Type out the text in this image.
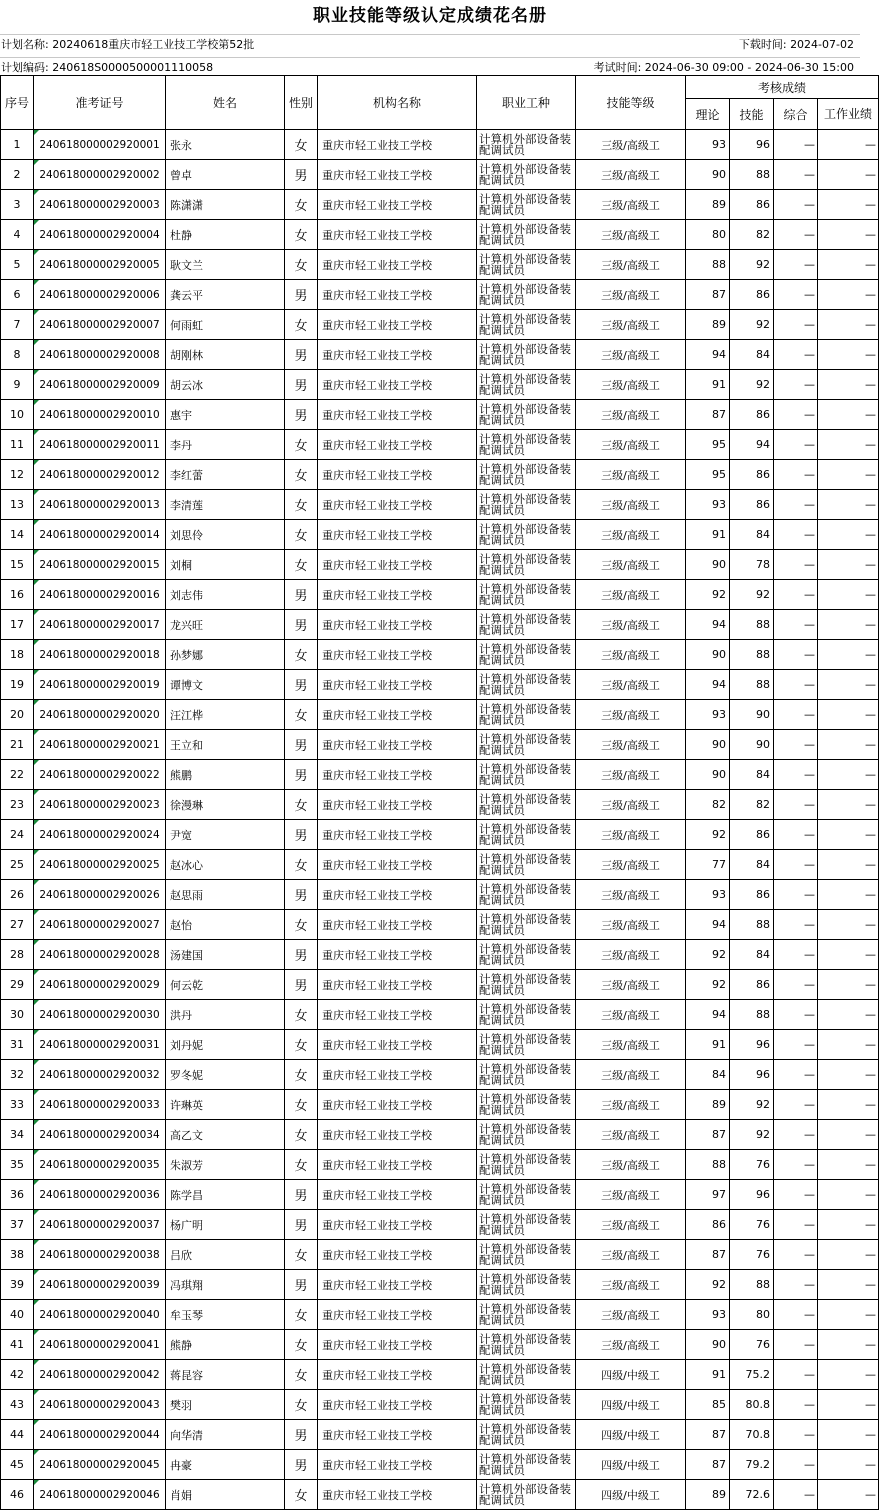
职业技能等级认定成绩花名册
计划名称: 20240618重庆市轻工业技工学校第52批	下载时间: 2024-07-02
计划编码: 240618S0000500001110058	考试时间: 2024-06-30 09:00 - 2024-06-30 15:00
序号	准考证号	姓名	性别	机构名称	职业工种	技能等级	考核成绩			
							理论	技能	综合	工作业绩
1	240618000002920001	张永	女	重庆市轻工业技工学校	计算机外部设备装配调试员	三级/高级工	93	96	—	—
2	240618000002920002	曾卓	男	重庆市轻工业技工学校	计算机外部设备装配调试员	三级/高级工	90	88	—	—
3	240618000002920003	陈潇潇	女	重庆市轻工业技工学校	计算机外部设备装配调试员	三级/高级工	89	86	—	—
4	240618000002920004	杜静	女	重庆市轻工业技工学校	计算机外部设备装配调试员	三级/高级工	80	82	—	—
5	240618000002920005	耿文兰	女	重庆市轻工业技工学校	计算机外部设备装配调试员	三级/高级工	88	92	—	—
6	240618000002920006	龚云平	男	重庆市轻工业技工学校	计算机外部设备装配调试员	三级/高级工	87	86	—	—
7	240618000002920007	何雨虹	女	重庆市轻工业技工学校	计算机外部设备装配调试员	三级/高级工	89	92	—	—
8	240618000002920008	胡刚林	男	重庆市轻工业技工学校	计算机外部设备装配调试员	三级/高级工	94	84	—	—
9	240618000002920009	胡云冰	男	重庆市轻工业技工学校	计算机外部设备装配调试员	三级/高级工	91	92	—	—
10	240618000002920010	惠宇	男	重庆市轻工业技工学校	计算机外部设备装配调试员	三级/高级工	87	86	—	—
11	240618000002920011	李丹	女	重庆市轻工业技工学校	计算机外部设备装配调试员	三级/高级工	95	94	—	—
12	240618000002920012	李红蕾	女	重庆市轻工业技工学校	计算机外部设备装配调试员	三级/高级工	95	86	—	—
13	240618000002920013	李清莲	女	重庆市轻工业技工学校	计算机外部设备装配调试员	三级/高级工	93	86	—	—
14	240618000002920014	刘思伶	女	重庆市轻工业技工学校	计算机外部设备装配调试员	三级/高级工	91	84	—	—
15	240618000002920015	刘桐	女	重庆市轻工业技工学校	计算机外部设备装配调试员	三级/高级工	90	78	—	—
16	240618000002920016	刘志伟	男	重庆市轻工业技工学校	计算机外部设备装配调试员	三级/高级工	92	92	—	—
17	240618000002920017	龙兴旺	男	重庆市轻工业技工学校	计算机外部设备装配调试员	三级/高级工	94	88	—	—
18	240618000002920018	孙梦娜	女	重庆市轻工业技工学校	计算机外部设备装配调试员	三级/高级工	90	88	—	—
19	240618000002920019	谭博文	男	重庆市轻工业技工学校	计算机外部设备装配调试员	三级/高级工	94	88	—	—
20	240618000002920020	汪江桦	女	重庆市轻工业技工学校	计算机外部设备装配调试员	三级/高级工	93	90	—	—
21	240618000002920021	王立和	男	重庆市轻工业技工学校	计算机外部设备装配调试员	三级/高级工	90	90	—	—
22	240618000002920022	熊鹏	男	重庆市轻工业技工学校	计算机外部设备装配调试员	三级/高级工	90	84	—	—
23	240618000002920023	徐漫琳	女	重庆市轻工业技工学校	计算机外部设备装配调试员	三级/高级工	82	82	—	—
24	240618000002920024	尹宽	男	重庆市轻工业技工学校	计算机外部设备装配调试员	三级/高级工	92	86	—	—
25	240618000002920025	赵冰心	女	重庆市轻工业技工学校	计算机外部设备装配调试员	三级/高级工	77	84	—	—
26	240618000002920026	赵思雨	男	重庆市轻工业技工学校	计算机外部设备装配调试员	三级/高级工	93	86	—	—
27	240618000002920027	赵怡	女	重庆市轻工业技工学校	计算机外部设备装配调试员	三级/高级工	94	88	—	—
28	240618000002920028	汤建国	男	重庆市轻工业技工学校	计算机外部设备装配调试员	三级/高级工	92	84	—	—
29	240618000002920029	何云乾	男	重庆市轻工业技工学校	计算机外部设备装配调试员	三级/高级工	92	86	—	—
30	240618000002920030	洪丹	女	重庆市轻工业技工学校	计算机外部设备装配调试员	三级/高级工	94	88	—	—
31	240618000002920031	刘丹妮	女	重庆市轻工业技工学校	计算机外部设备装配调试员	三级/高级工	91	96	—	—
32	240618000002920032	罗冬妮	女	重庆市轻工业技工学校	计算机外部设备装配调试员	三级/高级工	84	96	—	—
33	240618000002920033	许琳英	女	重庆市轻工业技工学校	计算机外部设备装配调试员	三级/高级工	89	92	—	—
34	240618000002920034	高乙文	女	重庆市轻工业技工学校	计算机外部设备装配调试员	三级/高级工	87	92	—	—
35	240618000002920035	朱淑芳	女	重庆市轻工业技工学校	计算机外部设备装配调试员	三级/高级工	88	76	—	—
36	240618000002920036	陈学昌	男	重庆市轻工业技工学校	计算机外部设备装配调试员	三级/高级工	97	96	—	—
37	240618000002920037	杨广明	男	重庆市轻工业技工学校	计算机外部设备装配调试员	三级/高级工	86	76	—	—
38	240618000002920038	吕欣	女	重庆市轻工业技工学校	计算机外部设备装配调试员	三级/高级工	87	76	—	—
39	240618000002920039	冯琪翔	男	重庆市轻工业技工学校	计算机外部设备装配调试员	三级/高级工	92	88	—	—
40	240618000002920040	牟玉琴	女	重庆市轻工业技工学校	计算机外部设备装配调试员	三级/高级工	93	80	—	—
41	240618000002920041	熊静	女	重庆市轻工业技工学校	计算机外部设备装配调试员	三级/高级工	90	76	—	—
42	240618000002920042	蒋昆容	女	重庆市轻工业技工学校	计算机外部设备装配调试员	四级/中级工	91	75.2	—	—
43	240618000002920043	樊羽	女	重庆市轻工业技工学校	计算机外部设备装配调试员	四级/中级工	85	80.8	—	—
44	240618000002920044	向华清	男	重庆市轻工业技工学校	计算机外部设备装配调试员	四级/中级工	87	70.8	—	—
45	240618000002920045	冉豪	男	重庆市轻工业技工学校	计算机外部设备装配调试员	四级/中级工	87	79.2	—	—
46	240618000002920046	肖娟	女	重庆市轻工业技工学校	计算机外部设备装配调试员	四级/中级工	89	72.6	—	—
